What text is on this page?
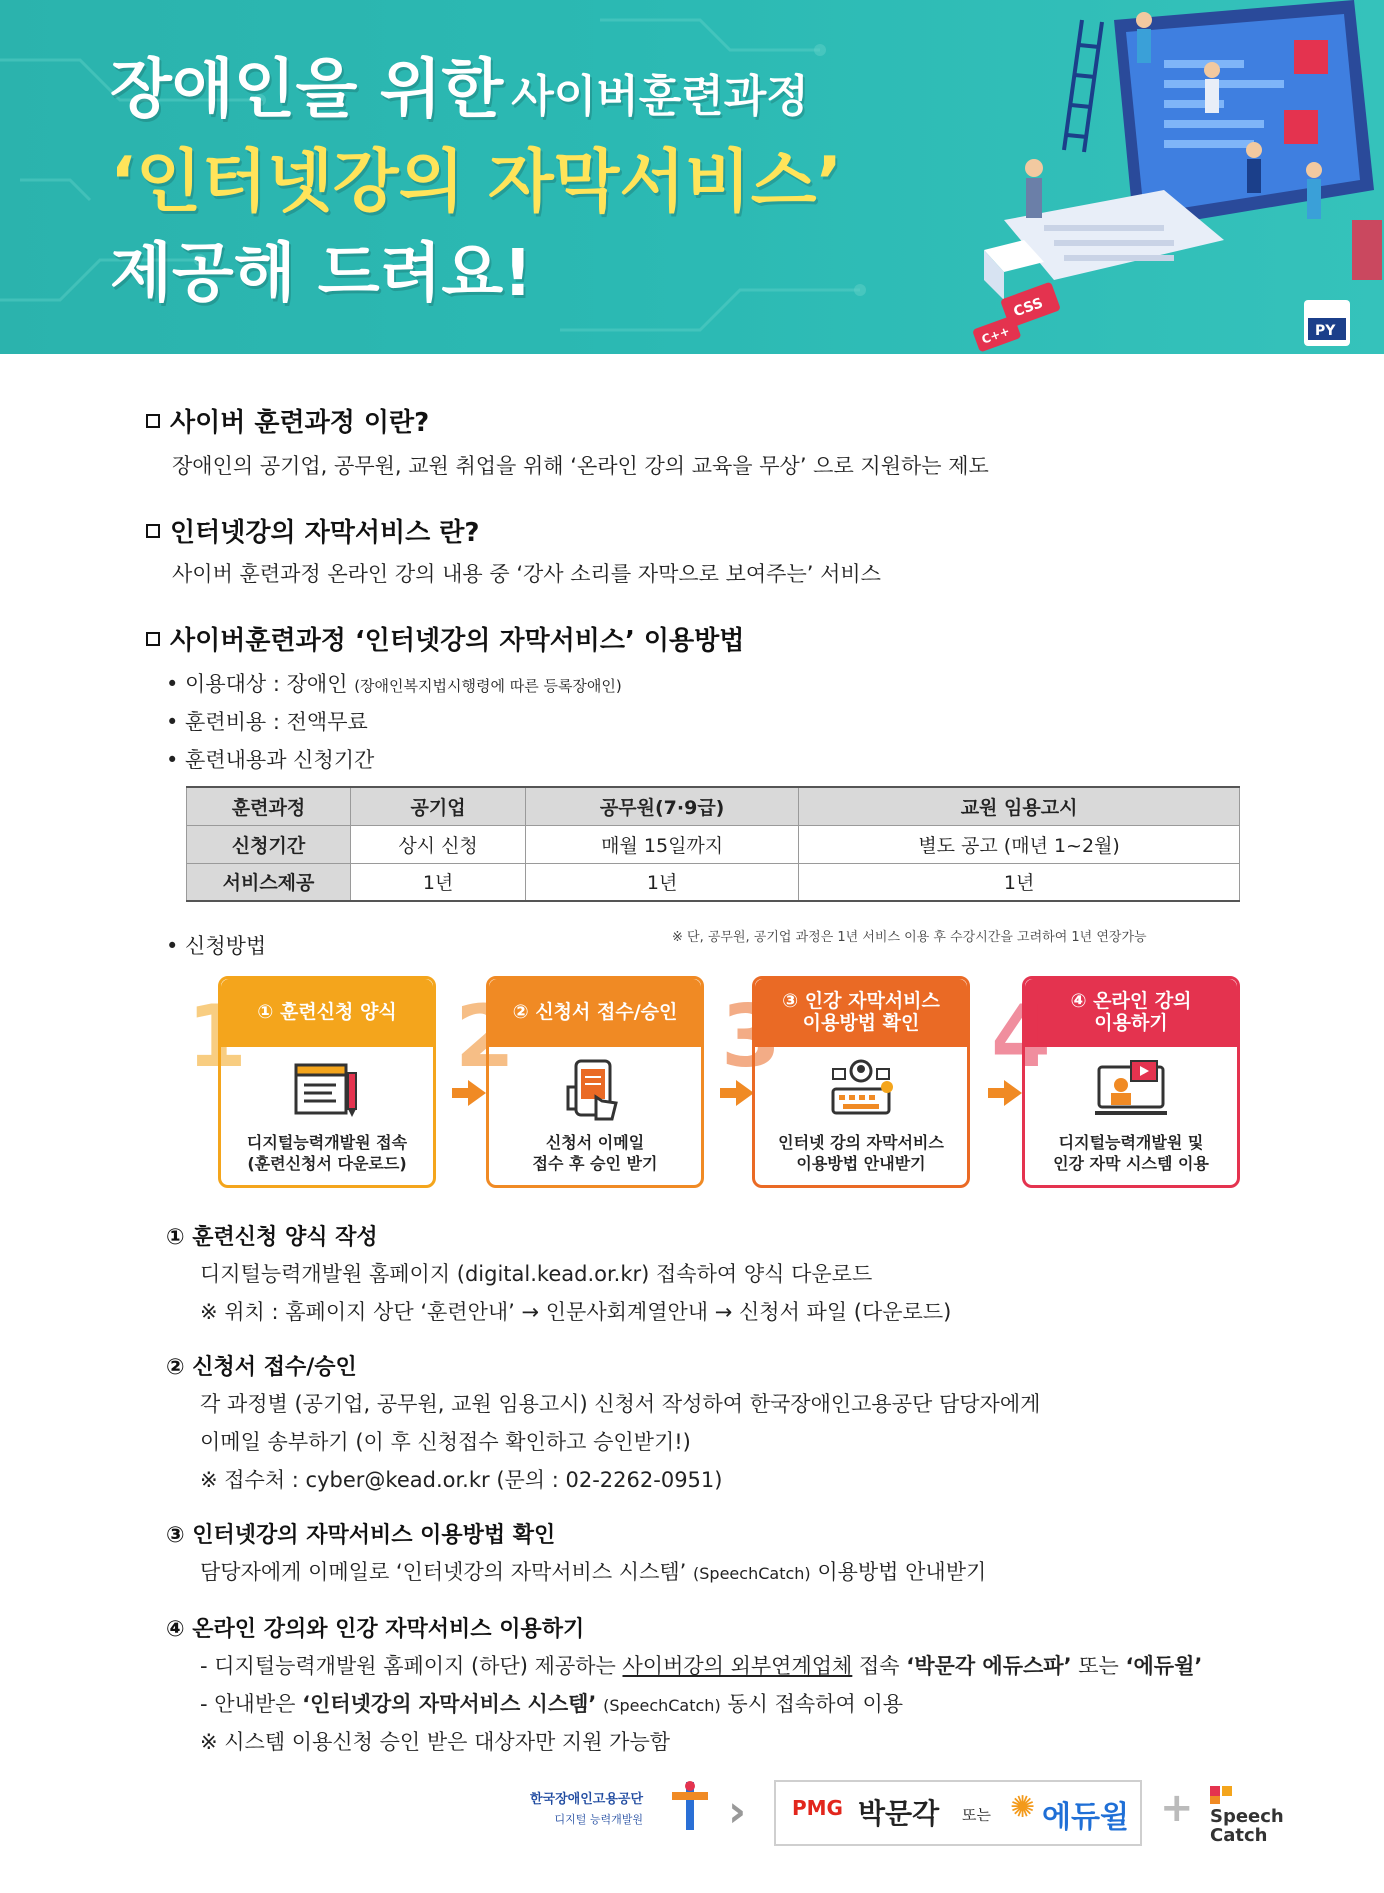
장애인을 위한 사이버훈련과정
‘인터넷강의 자막서비스’
제공해 드려요!	CSS
C++	PY
사이버 훈련과정 이란?
장애인의 공기업, 공무원, 교원 취업을 위해 ‘온라인 강의 교육을 무상’ 으로 지원하는 제도
인터넷강의 자막서비스 란?
사이버 훈련과정 온라인 강의 내용 중 ‘강사 소리를 자막으로 보여주는’ 서비스
사이버훈련과정 ‘인터넷강의 자막서비스’ 이용방법
• 이용대상 : 장애인 (장애인복지법시행령에 따른 등록장애인)
• 훈련비용 : 전액무료
• 훈련내용과 신청기간
훈련과정	공기업	공무원(7·9급)	교원 임용고시
신청기간	상시 신청	매월 15일까지	별도 공고 (매년 1~2월)
서비스제공	1년	1년	1년
※ 단, 공무원, 공기업 과정은 1년 서비스 이용 후 수강시간을 고려하여 1년 연장가능
• 신청방법
1 ① 훈련신청 양식
디지털능력개발원 접속
(훈련신청서 다운로드)
2
② 신청서 접수/승인
신청서 이메일
접수 후 승인 받기
3 ③ 인강 자막서비스
이용방법 확인
인터넷 강의 자막서비스
이용방법 안내받기
4	④ 온라인 강의
이용하기
디지털능력개발원 및
인강 자막 시스템 이용
① 훈련신청 양식 작성
디지털능력개발원 홈페이지 (digital.kead.or.kr) 접속하여 양식 다운로드
※ 위치 : 홈페이지 상단 ‘훈련안내’ → 인문사회계열안내 → 신청서 파일 (다운로드)
② 신청서 접수/승인
각 과정별 (공기업, 공무원, 교원 임용고시) 신청서 작성하여 한국장애인고용공단 담당자에게
이메일 송부하기 (이 후 신청접수 확인하고 승인받기!)
※ 접수처 : cyber@kead.or.kr (문의 : 02-2262-0951)
③ 인터넷강의 자막서비스 이용방법 확인
담당자에게 이메일로 ‘인터넷강의 자막서비스 시스템’ (SpeechCatch) 이용방법 안내받기
④ 온라인 강의와 인강 자막서비스 이용하기
- 디지털능력개발원 홈페이지 (하단) 제공하는 사이버강의 외부연계업체 접속 ‘박문각 에듀스파’ 또는 ‘에듀윌’
- 안내받은 ‘인터넷강의 자막서비스 시스템’ (SpeechCatch) 동시 접속하여 이용
※ 시스템 이용신청 승인 받은 대상자만 지원 가능함
한국장애인고용공단
디지털 능력개발원 › PMG 박문각 또는 ✺ 에듀윌 + Speech
Catch
